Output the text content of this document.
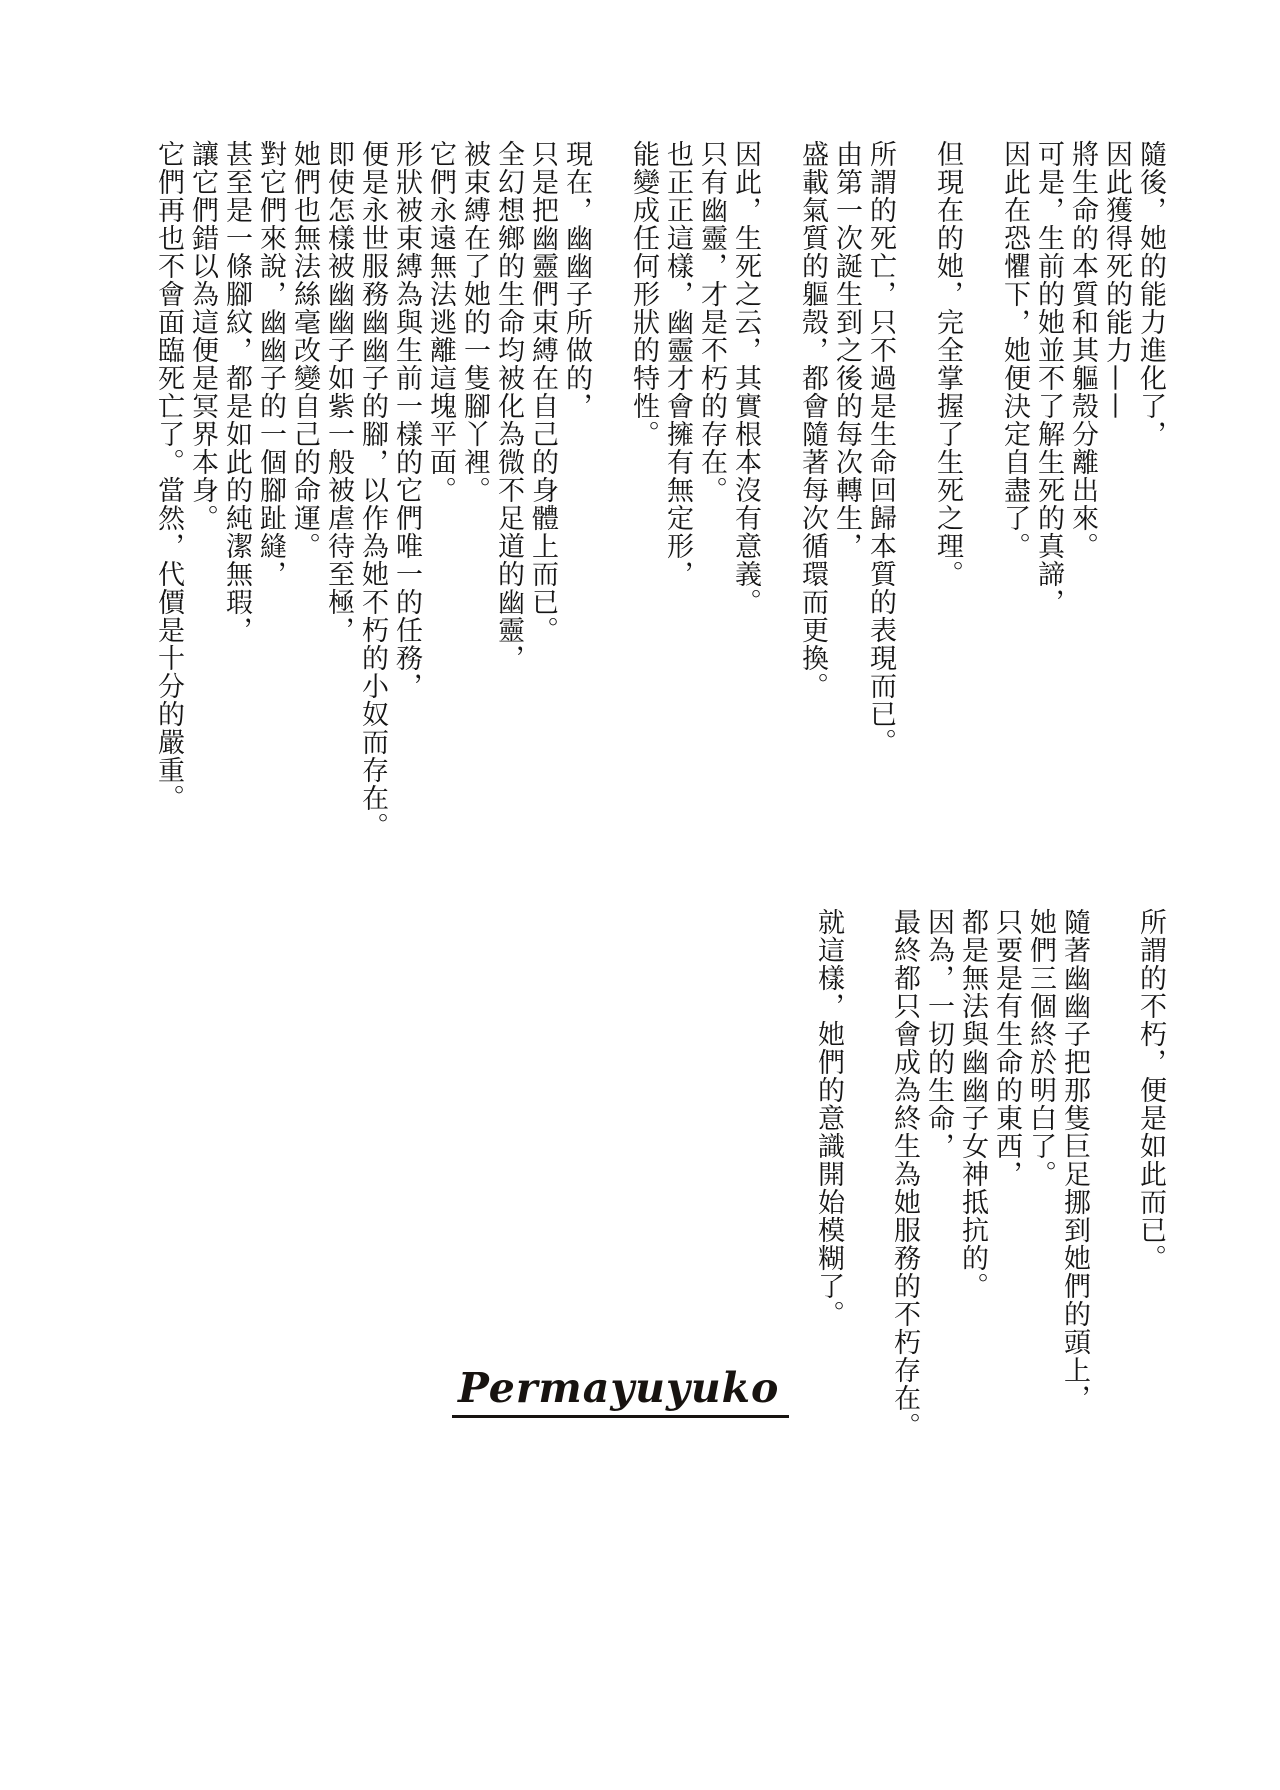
隨後，她的能力進化了，

因此獲得死的能力——

將生命的本質和其軀殼分離出來。

可是，生前的她並不了解生死的真諦，

因此在恐懼下，她便決定自盡了。

但現在的她，完全掌握了生死之理。

所謂的死亡，只不過是生命回歸本質的表現而已。

由第一次誕生到之後的每次轉生，

盛載氣質的軀殼，都會隨著每次循環而更換。

因此，生死之云，其實根本沒有意義。

只有幽靈，才是不朽的存在。

也正正這樣，幽靈才會擁有無定形，

能變成任何形狀的特性。

現在，幽幽子所做的，

只是把幽靈們束縛在自己的身體上而已。

全幻想鄉的生命均被化為微不足道的幽靈，

被束縛在了她的一隻腳丫裡。

它們永遠無法逃離這塊平面。

形狀被束縛為與生前一樣的它們唯一的任務，

便是永世服務幽幽子的腳，以作為她不朽的小奴而存在。

即使怎樣被幽幽子如紫一般被虐待至極，

她們也無法絲毫改變自己的命運。

對它們來說，幽幽子的一個腳趾縫，

甚至是一條腳紋，都是如此的純潔無瑕，

讓它們錯以為這便是冥界本身。

它們再也不會面臨死亡了。當然，代價是十分的嚴重。

所謂的不朽，便是如此而已。

隨著幽幽子把那隻巨足挪到她們的頭上，

她們三個終於明白了。

只要是有生命的東西，

都是無法與幽幽子女神抵抗的。

因為，一切的生命，

最終都只會成為終生為她服務的不朽存在。

就這樣，她們的意識開始模糊了。

Permayuyuko
